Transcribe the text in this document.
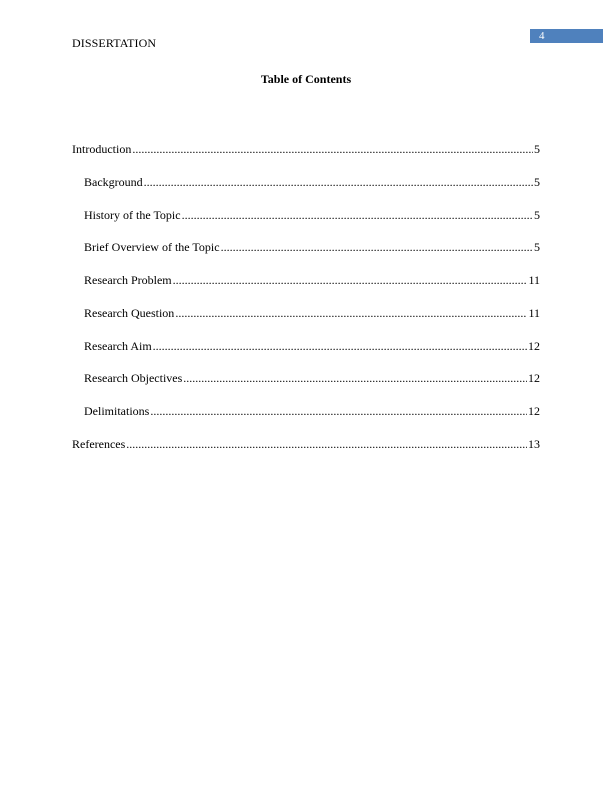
DISSERTATION	4
Table of Contents
Introduction .....	5
Background .....	5
History of the Topic .....	5
Brief Overview of the Topic .....	5
Research Problem .....	11
Research Question .....	11
Research Aim .....	12
Research Objectives .....	12
Delimitations .....	12
References .....	13
